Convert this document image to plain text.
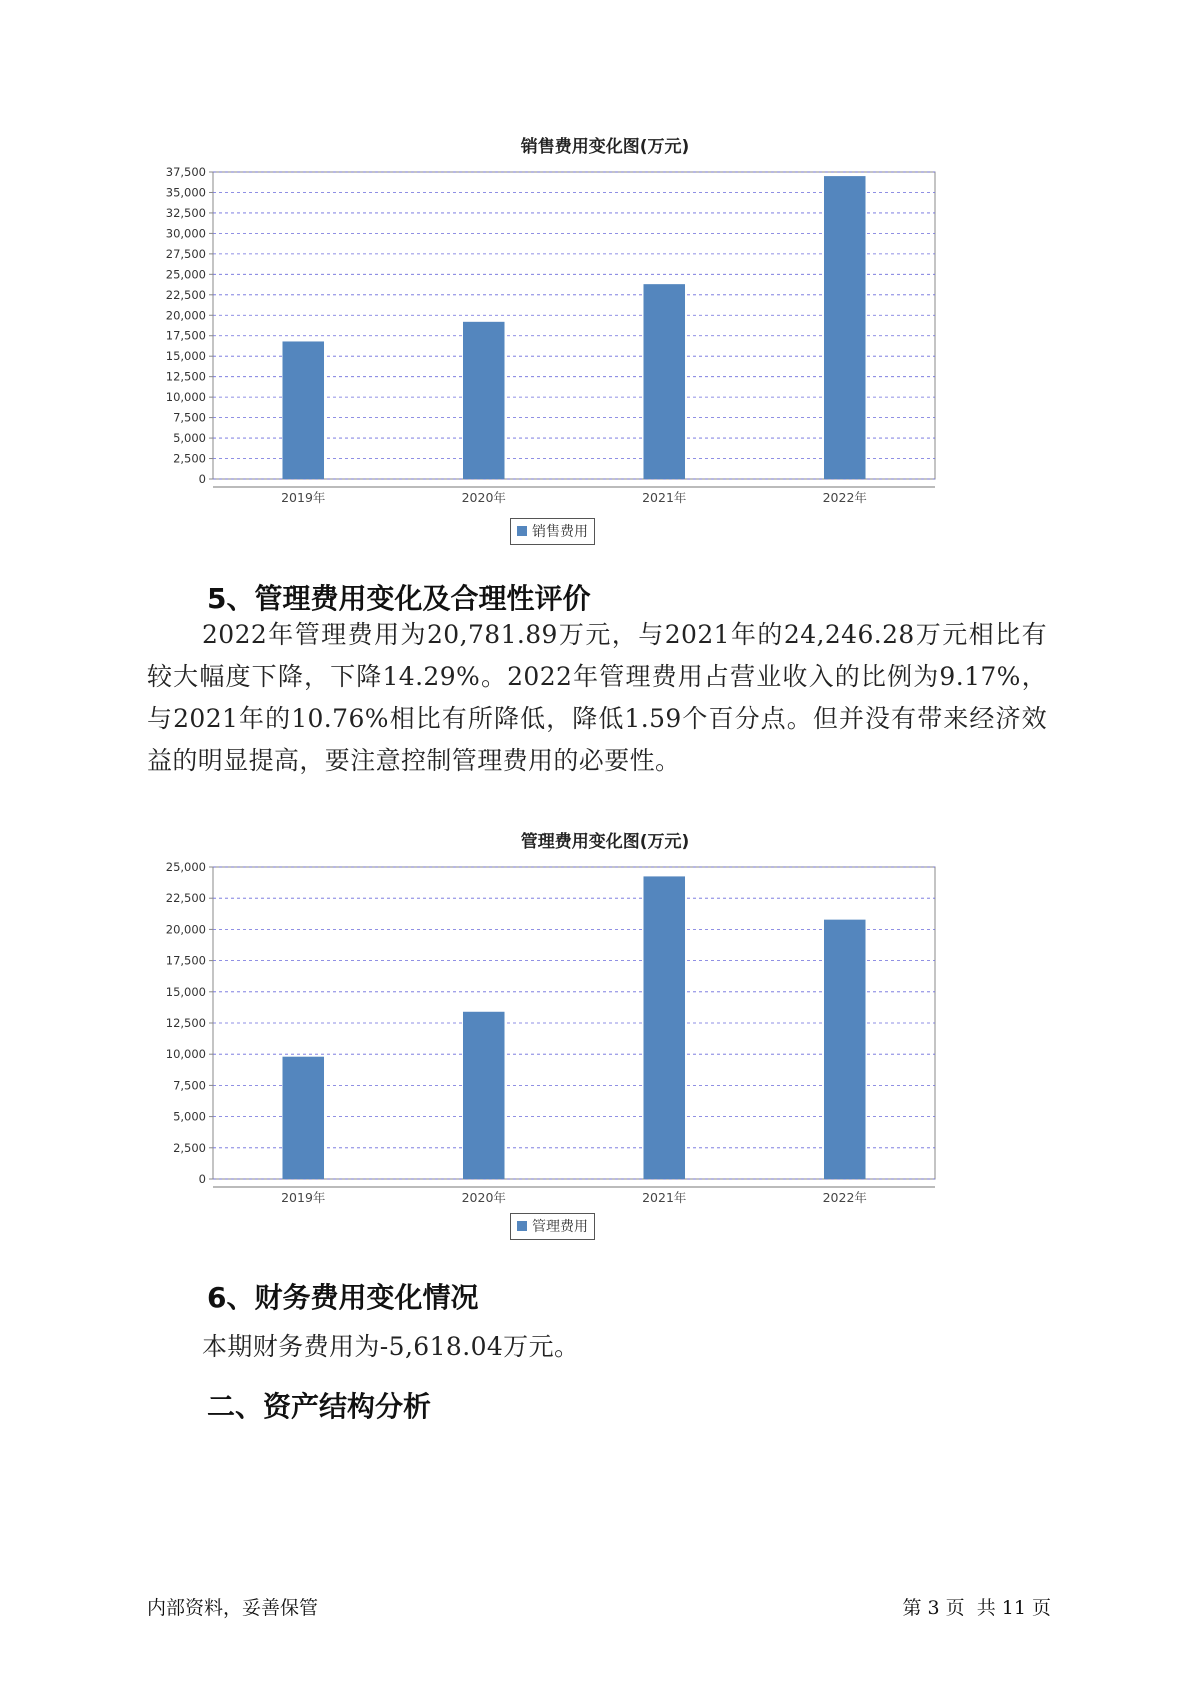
销售费用变化图(万元)
0
2,500
5,000
7,500
10,000
12,500
15,000
17,500
20,000
22,500
25,000
27,500
30,000
32,500
35,000
37,500
2019年	2020年	2021年	2022年
销售费用
5、管理费用变化及合理性评价

2022年管理费用为20,781.89万元，与2021年的24,246.28万元相比有较大幅度下降，下降14.29%。2022年管理费用占营业收入的比例为9.17%，与2021年的10.76%相比有所降低，降低1.59个百分点。但并没有带来经济效益的明显提高，要注意控制管理费用的必要性。

管理费用变化图(万元)
0
2,500
5,000
7,500
10,000
12,500
15,000
17,500
20,000
22,500
25,000
2019年	2020年	2021年	2022年
管理费用
6、财务费用变化情况

本期财务费用为-5,618.04万元。

二、资产结构分析
内部资料，妥善保管	第 3 页  共 11 页
